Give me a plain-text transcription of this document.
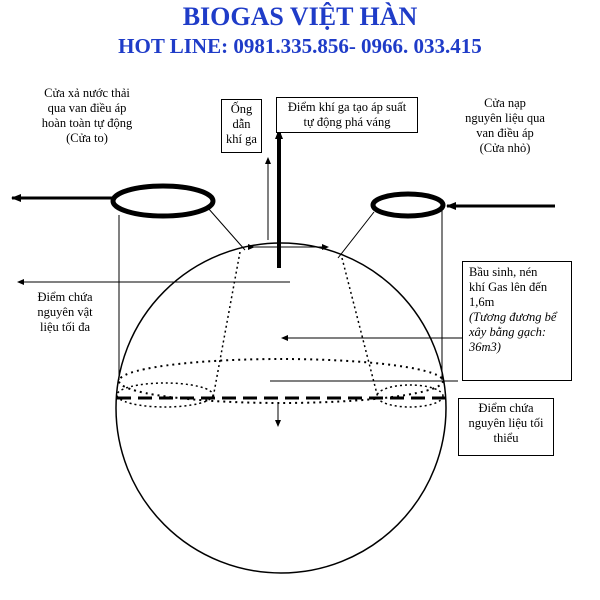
BIOGAS VIỆT HÀN
HOT LINE: 0981.335.856- 0966. 033.415
Cửa xả nước thải
qua van điều áp
hoàn toàn tự động
(Cửa to)
Ống
dẫn
khí ga
Điểm khí ga tạo áp suất
tự động phá váng
Cửa nạp
nguyên liệu qua
van điều áp
(Cửa nhỏ)
Điểm chứa
nguyên vật
liệu tối đa
Bầu sinh, nén
khí Gas lên đến
1,6m
(Tương đương bể
xây bằng gạch:
36m3)
Điểm chứa
nguyên liệu tối
thiểu
